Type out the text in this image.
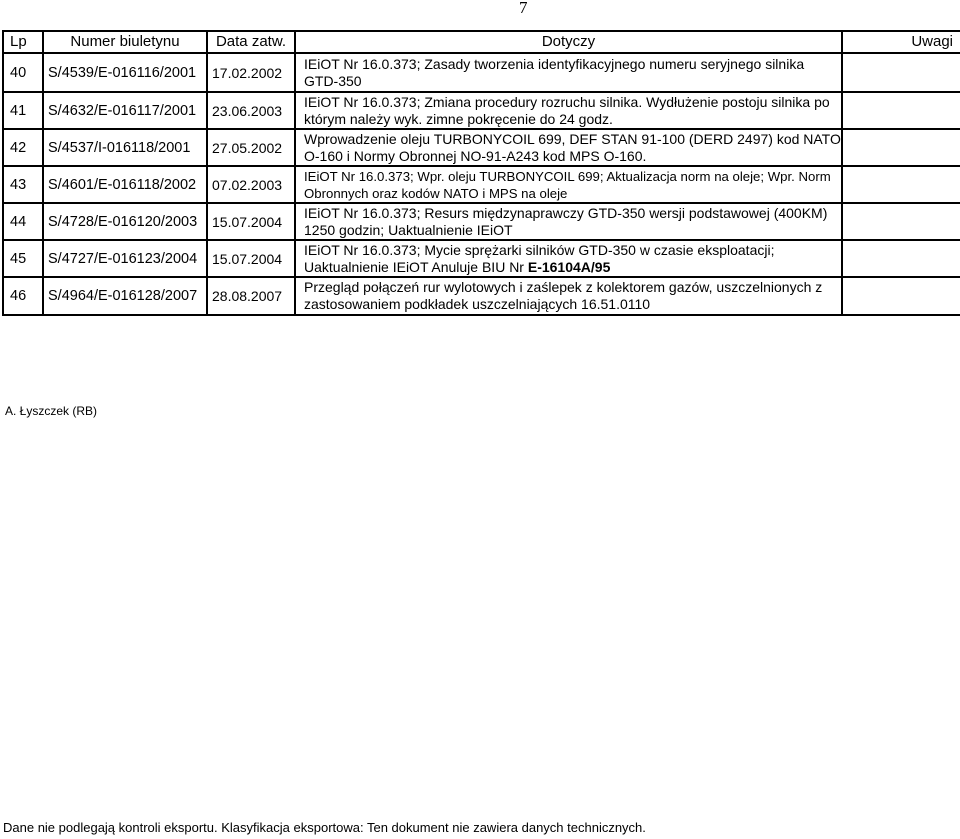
7
Lp	Numer biuletynu	Data zatw.	Dotyczy	Uwagi
40	S/4539/E-016116/2001	17.02.2002	IEiOT Nr 16.0.373; Zasady tworzenia identyfikacyjnego numeru seryjnego silnika GTD-350	
41	S/4632/E-016117/2001	23.06.2003	IEiOT Nr 16.0.373; Zmiana procedury rozruchu silnika. Wydłużenie postoju silnika po którym należy wyk. zimne pokręcenie do 24 godz.	
42	S/4537/I-016118/2001	27.05.2002	Wprowadzenie oleju TURBONYCOIL 699, DEF STAN 91-100 (DERD 2497) kod NATO O-160 i Normy Obronnej NO-91-A243 kod MPS O-160.	
43	S/4601/E-016118/2002	07.02.2003	IEiOT Nr 16.0.373; Wpr. oleju TURBONYCOIL 699; Aktualizacja norm na oleje; Wpr. Norm Obronnych oraz kodów NATO i MPS na oleje	
44	S/4728/E-016120/2003	15.07.2004	IEiOT Nr 16.0.373; Resurs międzynaprawczy GTD-350 wersji podstawowej (400KM) 1250 godzin; Uaktualnienie IEiOT	
45	S/4727/E-016123/2004	15.07.2004	IEiOT Nr 16.0.373; Mycie sprężarki silników GTD-350 w czasie eksploatacji; Uaktualnienie IEiOT Anuluje BIU Nr E-16104A/95	
46	S/4964/E-016128/2007	28.08.2007	Przegląd połączeń rur wylotowych i zaślepek z kolektorem gazów, uszczelnionych z zastosowaniem podkładek uszczelniających 16.51.0110	
A. Łyszczek (RB)
Dane nie podlegają kontroli eksportu. Klasyfikacja eksportowa: Ten dokument nie zawiera danych technicznych.
